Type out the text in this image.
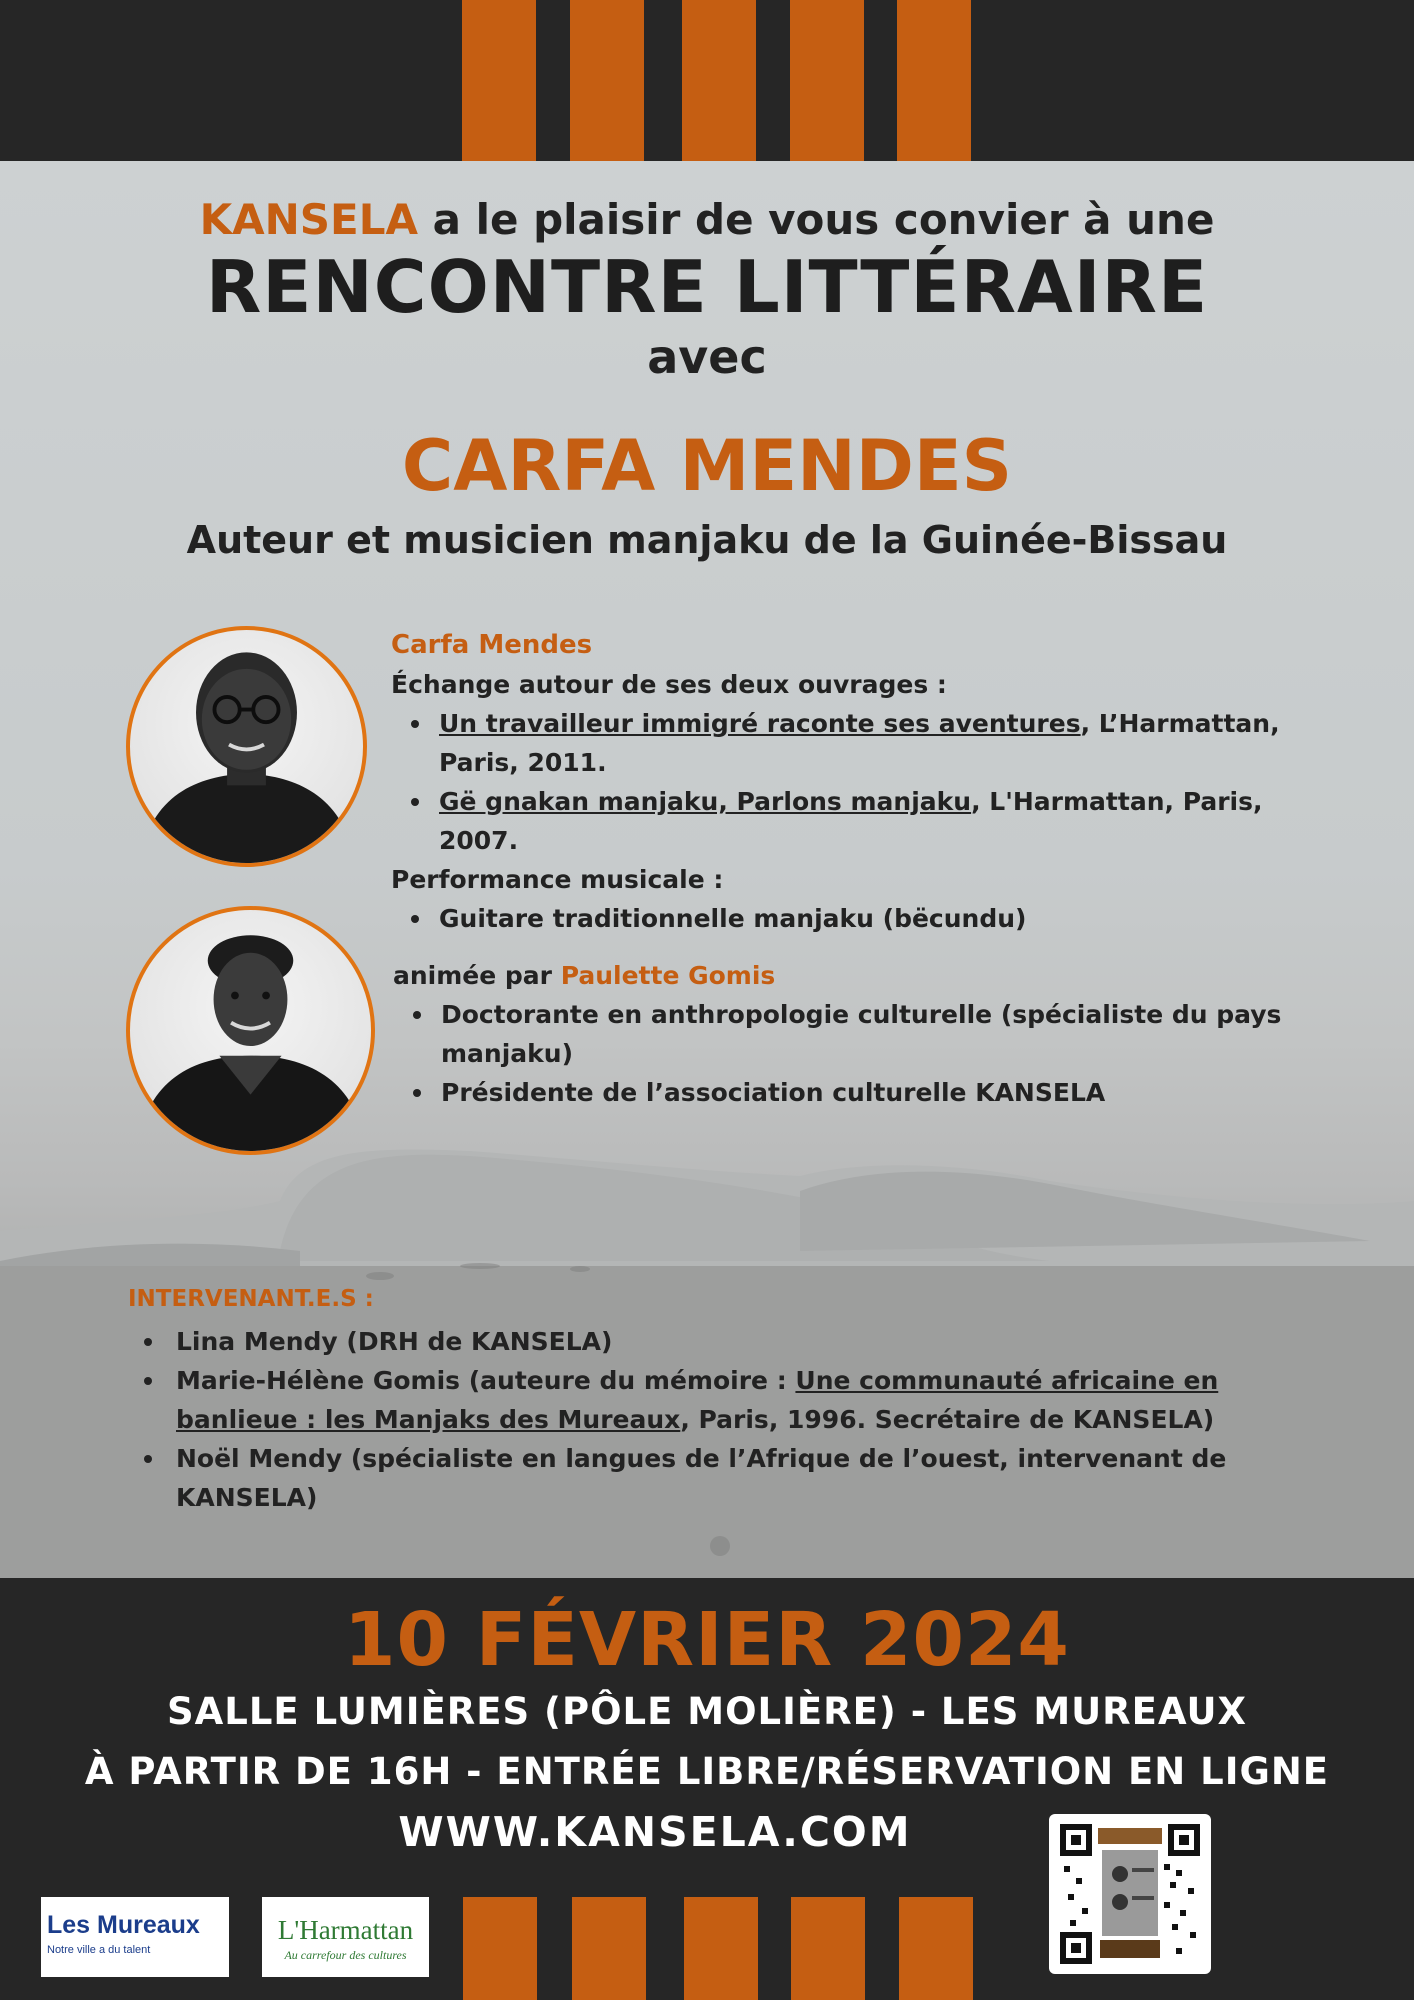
KANSELA a le plaisir de vous convier à une
RENCONTRE LITTÉRAIRE
avec
CARFA MENDES
Auteur et musicien manjaku de la Guinée-Bissau
Carfa Mendes
Échange autour de ses deux ouvrages :
Un travailleur immigré raconte ses aventures, L’Harmattan, Paris, 2011.
Gë gnakan manjaku, Parlons manjaku, L'Harmattan, Paris, 2007.
Performance musicale :
Guitare traditionnelle manjaku (bëcundu)
animée par Paulette Gomis
Doctorante en anthropologie culturelle (spécialiste du pays manjaku)
Présidente de l’association culturelle KANSELA
INTERVENANT.E.S :
Lina Mendy (DRH de KANSELA)
Marie-Hélène Gomis (auteure du mémoire : Une communauté africaine en banlieue : les Manjaks des Mureaux, Paris, 1996. Secrétaire de KANSELA)
Noël Mendy (spécialiste en langues de l’Afrique de l’ouest, intervenant de KANSELA)
10 FÉVRIER 2024
SALLE LUMIÈRES (PÔLE MOLIÈRE) - LES MUREAUX
À PARTIR DE 16H - ENTRÉE LIBRE/RÉSERVATION EN LIGNE
WWW.KANSELA.COM
Les Mureaux
Notre ville a du talent
L'Harmattan
Au carrefour des cultures
